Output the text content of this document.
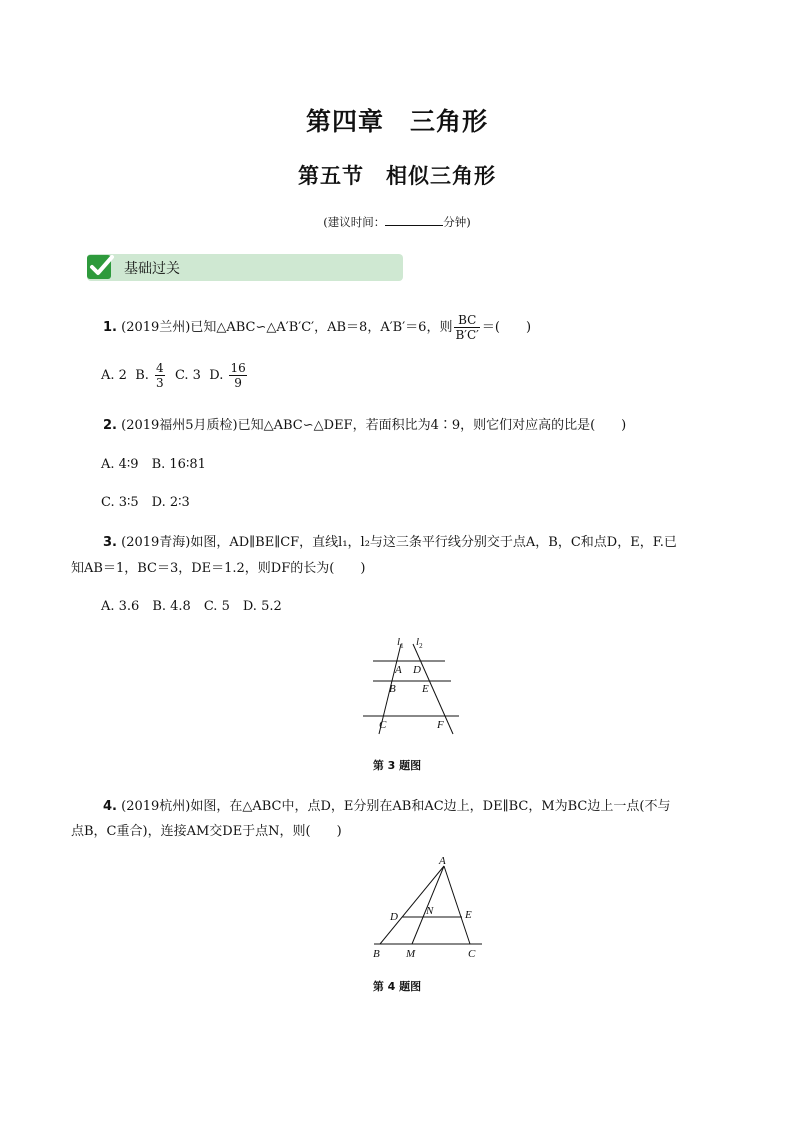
第四章　三角形
第五节　相似三角形
(建议时间：	分钟)
基础过关
1. (2019兰州)已知△ABC∽△A′B′C′，AB＝8，A′B′＝6，则 $\frac{BC}{B'C'}$ ＝(　　)
A. 2 B. $\frac{4}{3} C$. 3 D. $\frac{16}{9}$
2. (2019福州5月质检)已知△ABC∽△DEF，若面积比为4∶9，则它们对应高的比是(　　)
A. 4∶9　B. 16∶81
C. 3∶5　D. 2∶3
3. (2019青海)如图，AD∥BE∥CF，直线l₁，l₂与这三条平行线分别交于点A，B，C和点D，E，F.已
知AB＝1，BC＝3，DE＝1.2，则DF的长为(　　)
A. 3.6　B. 4.8　C. 5　D. 5.2
$l_1$ $l_2$
A D
B E
C	F
第 3 题图
4. (2019杭州)如图，在△ABC中，点D，E分别在AB和AC边上，DE∥BC，M为BC边上一点(不与
点B，C重合)，连接AM交DE于点N，则(　　)
A
D	N	E
B M	C
第 4 题图
